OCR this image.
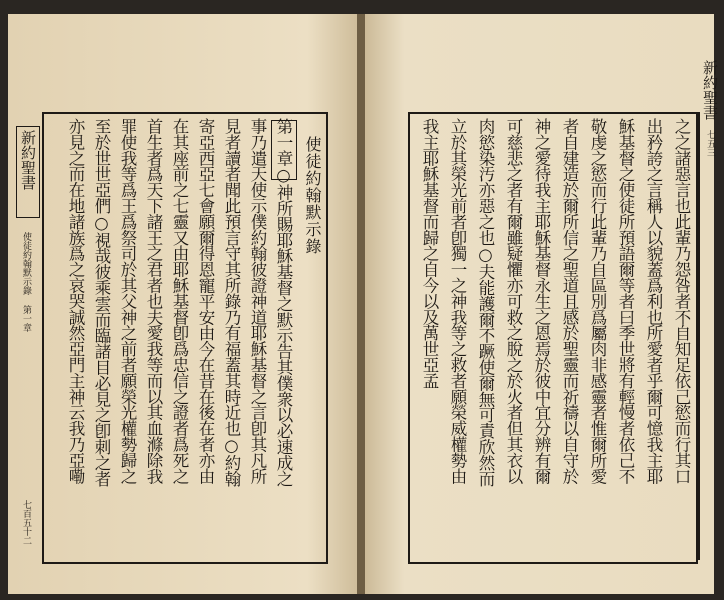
新約聖書
使徒約翰默示錄 第一章
七百五十二
使徒約翰默示錄
第一章○神所賜耶穌基督之默示告其僕衆以必速成之
事乃遣天使示僕約翰彼證神道耶穌基督之言卽其凡所
見者讀者聞此預言守其所錄乃有福蓋其時近也○約翰
寄亞西亞七會願爾得恩寵平安由今在昔在後在者亦由
在其座前之七靈又由耶穌基督卽爲忠信之證者爲死之
首生者爲天下諸王之君者也夫愛我等而以其血滌除我
罪使我等爲王爲祭司於其父神之前者願榮光權勢歸之
至於世世亞們○視哉彼乘雲而臨諸目必見之卽刺之者
亦見之而在地諸族爲之哀哭誠然亞門主神云我乃亞嘞
新約聖書
七五三
之之諸惡言也此輩乃怨咎者不自知足依己慾而行其口
出矜誇之言稱人以貌蓋爲利也所愛者乎爾可憶我主耶
穌基督之使徒所預語爾等者曰季世將有輕慢者依己不
敬虔之慾而行此輩乃自區別爲屬肉非感靈者惟爾所愛
者自建造於爾所信之聖道且感於聖靈而祈禱以自守於
神之愛待我主耶穌基督永生之恩焉於彼中宜分辨有爾
可慈悲之者有爾雖疑懼亦可救之脫之於火者但其衣以
肉慾染汚亦惡之也○夫能護爾不蹶使爾無可責欣然而
立於其榮光前者卽獨一之神我等之救者願榮威權勢由
我主耶穌基督而歸之自今以及萬世亞孟
